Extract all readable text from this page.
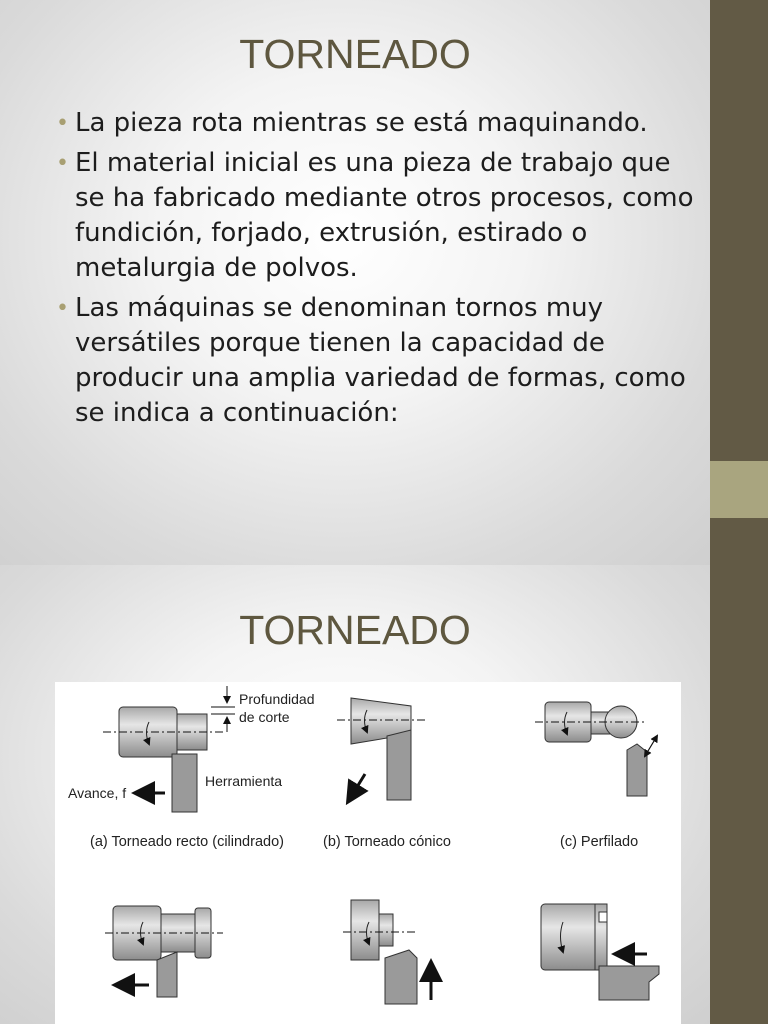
TORNEADO
• La pieza rota mientras se está maquinando.
• El material inicial es una pieza de trabajo que se ha fabricado mediante otros procesos, como fundición, forjado, extrusión, estirado o metalurgia de polvos.
• Las máquinas se denominan tornos muy versátiles porque tienen la capacidad de producir una amplia variedad de formas, como se indica a continuación:
TORNEADO
Profundidad
de corte
Herramienta
Avance, f
(a) Torneado recto (cilindrado)	(b) Torneado cónico	(c) Perfilado
